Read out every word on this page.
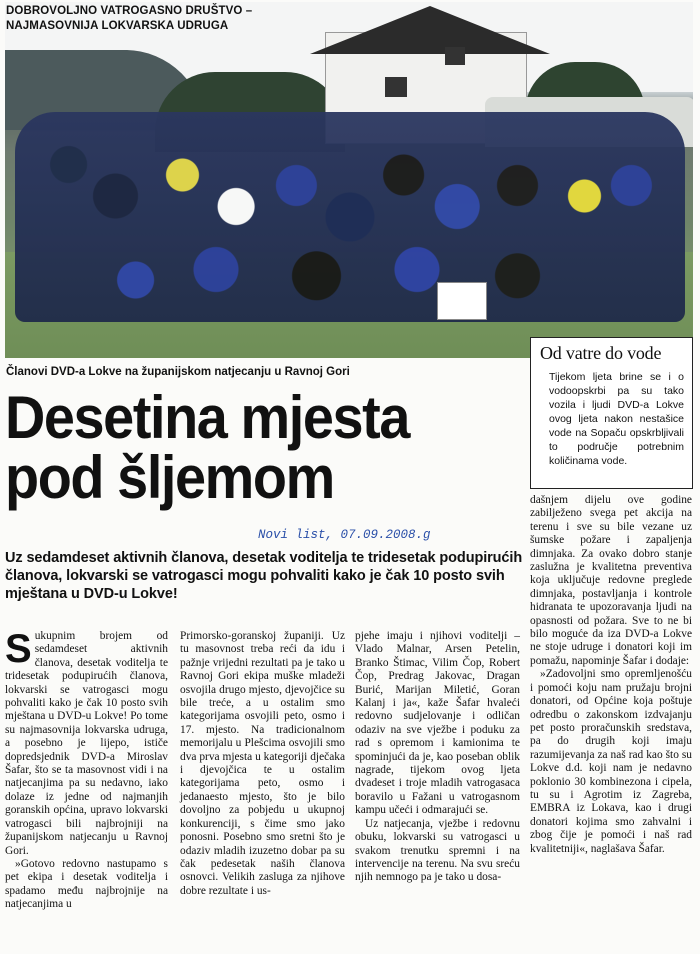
DOBROVOLJNO VATROGASNO DRUŠTVO –
NAJMASOVNIJA LOKVARSKA UDRUGA
Članovi DVD-a Lokve na županijskom natjecanju u Ravnoj Gori
Od vatre do vode
Tijekom ljeta brine se i o vodoopskrbi pa su tako vozila i ljudi DVD-a Lokve ovog ljeta nakon nestašice vode na Sopaču opskrbljivali to područje potrebnim količinama vode.
Desetina mjesta
pod šljemom
Novi list, 07.09.2008.g
Uz sedamdeset aktivnih članova, desetak voditelja te tridesetak podupirućih članova, lokvarski se vatrogasci mogu pohvaliti kako je čak 10 posto svih mještana u DVD-u Lokve!

Sukupnim brojem od sedamdeset aktivnih članova, desetak voditelja te tridesetak podupirućih članova, lokvarski se vatrogasci mogu pohvaliti kako je čak 10 posto svih mještana u DVD-u Lokve! Po tome su najmasovnija lokvarska udruga, a posebno je lijepo, ističe dopredsjednik DVD-a Miroslav Šafar, što se ta masovnost vidi i na natjecanjima pa su nedavno, iako dolaze iz jedne od najmanjih goranskih općina, upravo lokvarski vatrogasci bili najbrojniji na županijskom natjecanju u Ravnoj Gori.

»Gotovo redovno nastupamo s pet ekipa i desetak voditelja i spadamo među najbrojnije na natjecanjima u

Primorsko-goranskoj županiji. Uz tu masovnost treba reći da idu i pažnje vrijedni rezultati pa je tako u Ravnoj Gori ekipa muške mladeži osvojila drugo mjesto, djevojčice su bile treće, a u ostalim smo kategorijama osvojili peto, osmo i 17. mjesto. Na tradicionalnom memorijalu u Plešcima osvojili smo dva prva mjesta u kategoriji dječaka i djevojčica te u ostalim kategorijama peto, osmo i jedanaesto mjesto, što je bilo dovoljno za pobjedu u ukupnoj konkurenciji, s čime smo jako ponosni. Posebno smo sretni što je odaziv mladih izuzetno dobar pa su čak pedesetak naših članova osnovci. Velikih zasluga za njihove dobre rezultate i us-

pjehe imaju i njihovi voditelji – Vlado Malnar, Arsen Petelin, Branko Štimac, Vilim Čop, Robert Čop, Predrag Jakovac, Dragan Burić, Marijan Miletić, Goran Kalanj i ja«, kaže Šafar hvaleći redovno sudjelovanje i odličan odaziv na sve vježbe i poduku za rad s opremom i kamionima te spominjući da je, kao poseban oblik nagrade, tijekom ovog ljeta dvadeset i troje mladih vatrogasaca boravilo u Fažani u vatrogasnom kampu učeći i odmarajući se.

Uz natjecanja, vježbe i redovnu obuku, lokvarski su vatrogasci u svakom trenutku spremni i na intervencije na terenu. Na svu sreću njih nemnogo pa je tako u dosa-

dašnjem dijelu ove godine zabilježeno svega pet akcija na terenu i sve su bile vezane uz šumske požare i zapaljenja dimnjaka. Za ovako dobro stanje zaslužna je kvalitetna preventiva koja uključuje redovne preglede dimnjaka, postavljanja i kontrole hidranata te upozoravanja ljudi na opasnosti od požara. Sve to ne bi bilo moguće da iza DVD-a Lokve ne stoje udruge i donatori koji im pomažu, napominje Šafar i dodaje:

»Zadovoljni smo opremljenošću i pomoći koju nam pružaju brojni donatori, od Općine koja poštuje odredbu o zakonskom izdvajanju pet posto proračunskih sredstava, pa do drugih koji imaju razumijevanja za naš rad kao što su Lokve d.d. koji nam je nedavno poklonio 30 kombinezona i cipela, tu su i Agrotim iz Zagreba, EMBRA iz Lokava, kao i drugi donatori kojima smo zahvalni i zbog čije je pomoći i naš rad kvalitetniji«, naglašava Šafar.
